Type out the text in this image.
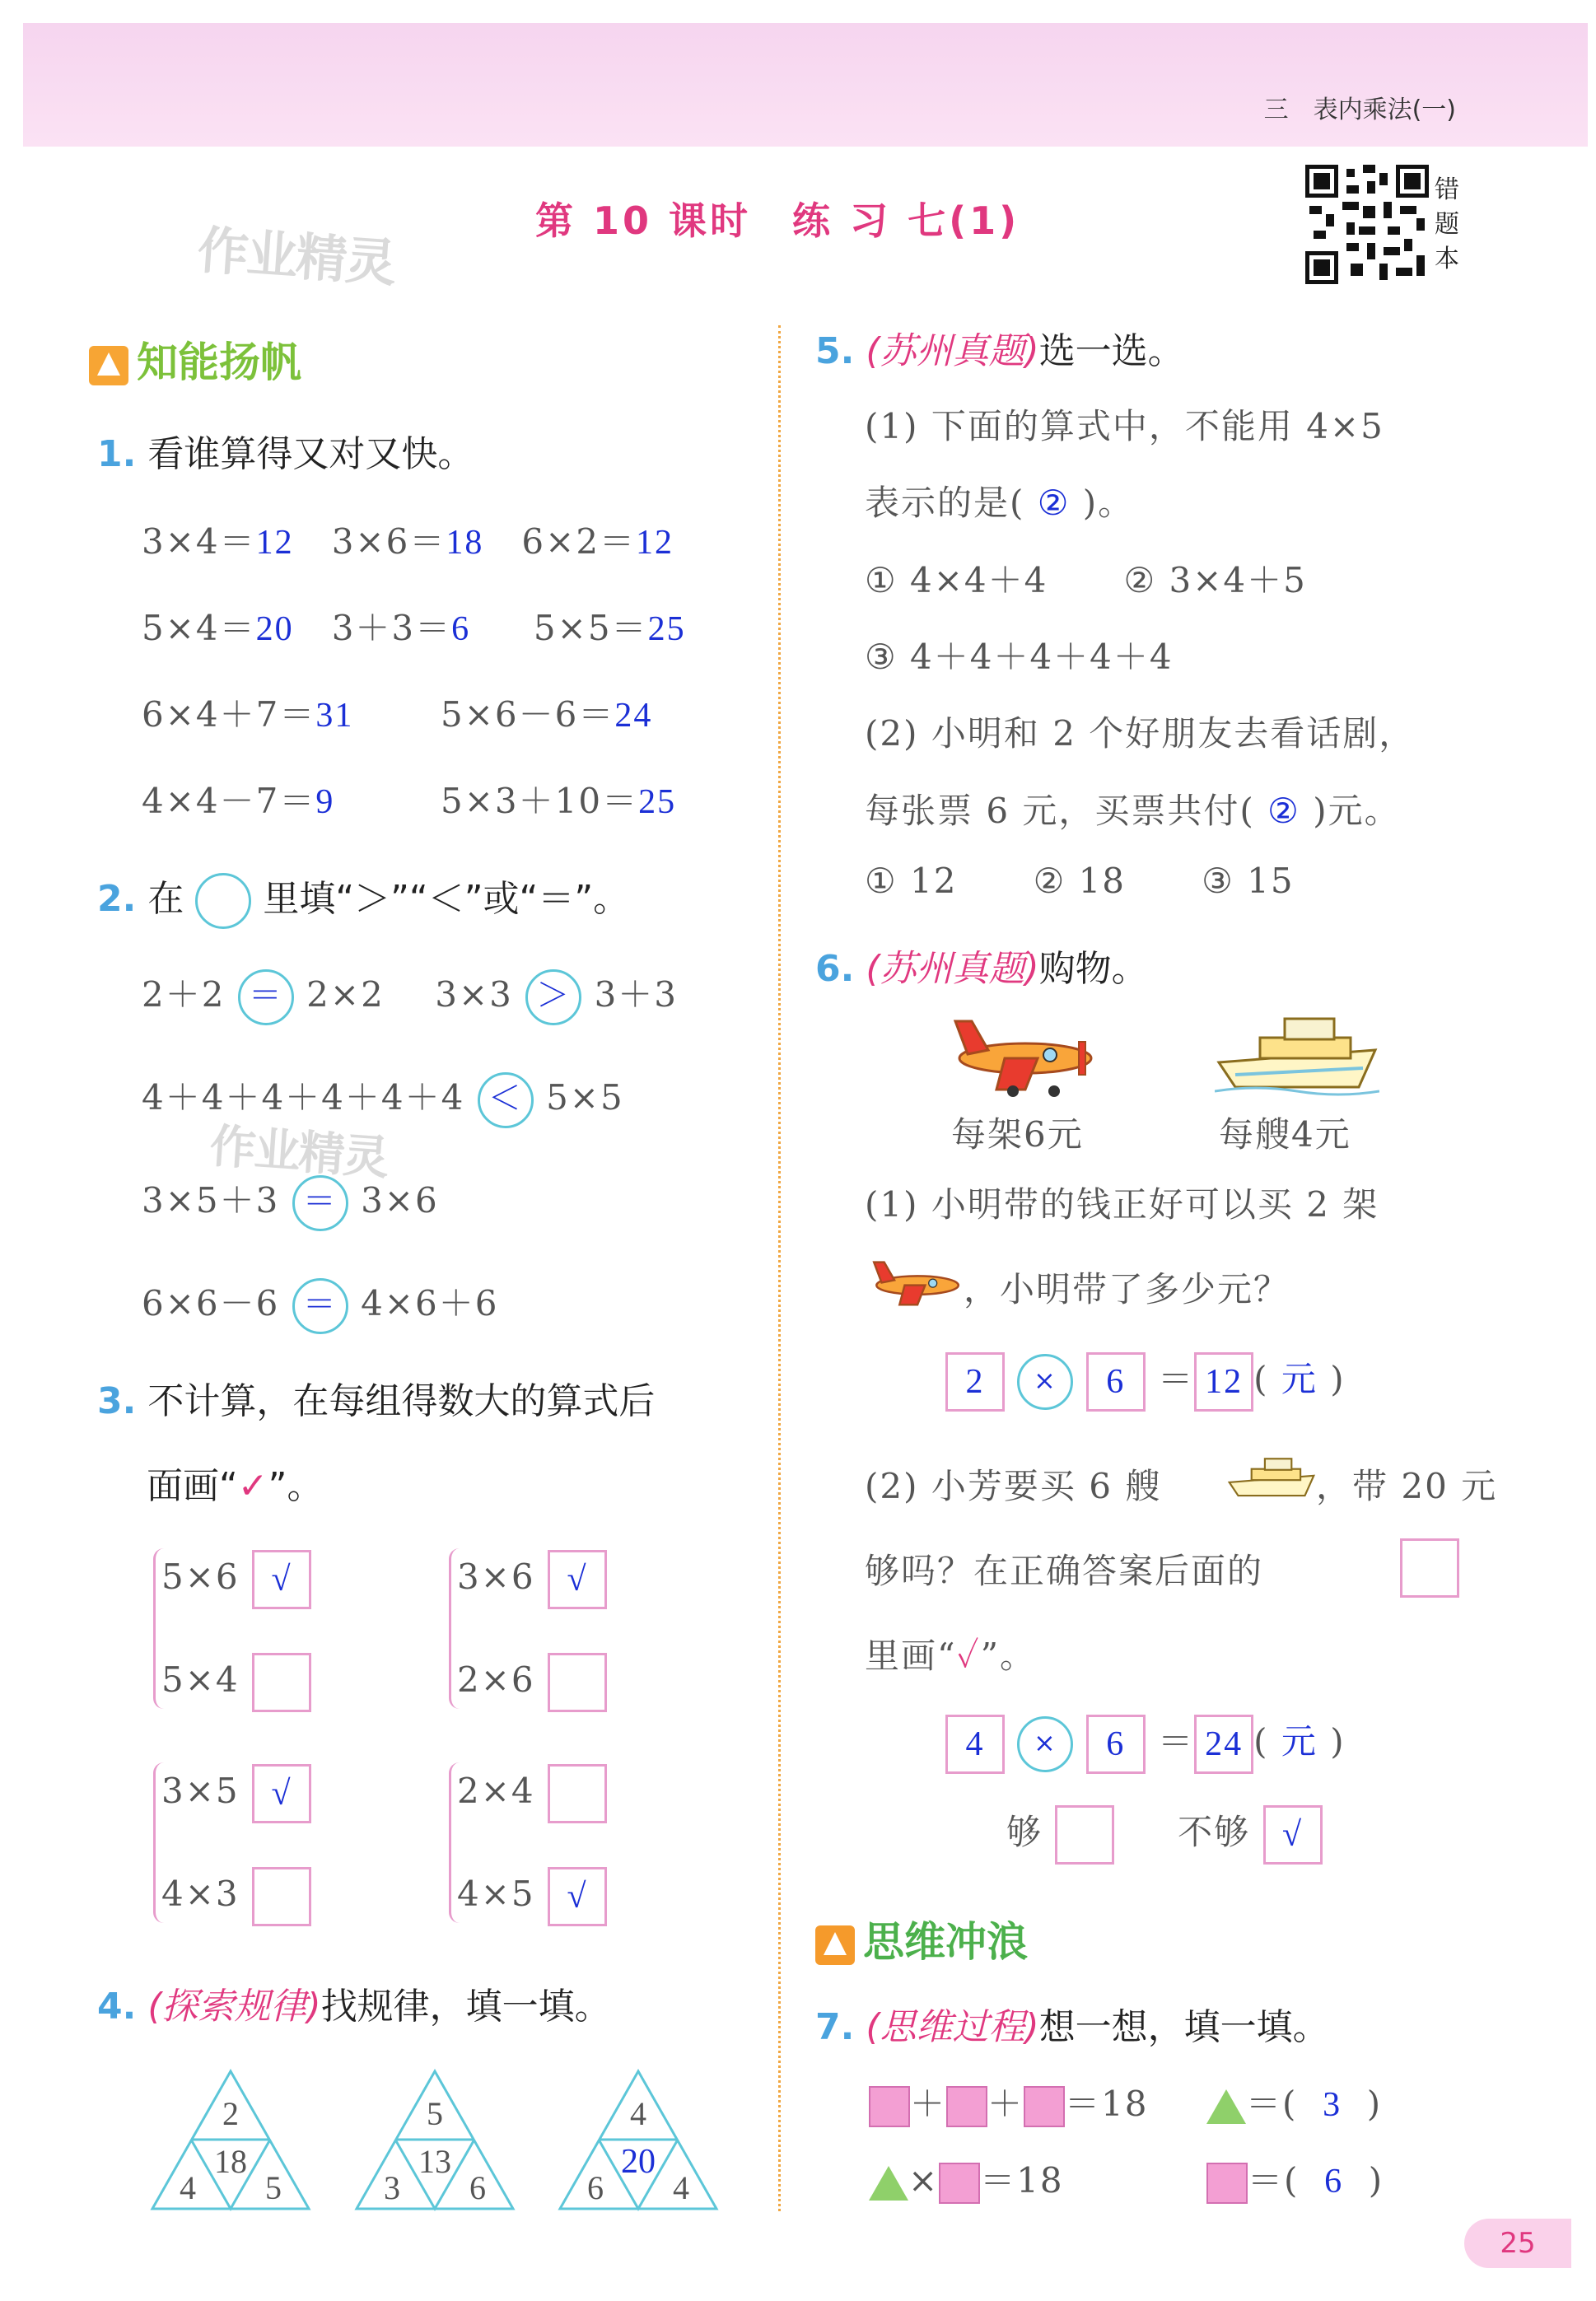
三　表内乘法(一)
作业精灵
作业精灵
第 10 课时　练 习 七(1)
错
题
本
知能扬帆
1. 看谁算得又对又快。
3×4＝12 3×6＝18 6×2＝12
5×4＝20 3＋3＝6 5×5＝25
6×4＋7＝31	5×6－6＝24
4×4－7＝9	5×3＋10＝25
2. 在 里填“＞”“＜”或“＝”。
2＋2 ＝ 2×2 3×3 ＞ 3＋3
4＋4＋4＋4＋4＋4 ＜ 5×5
3×5＋3 ＝ 3×6
6×6－6 ＝ 4×6＋6
3. 不计算，在每组得数大的算式后
面画“✓”。
5×6 √
5×4
3×6 √
2×6
3×5 √
4×3
2×4
4×5 √
4. (探索规律)找规律，填一填。
2
4 5
18
5
3 6
13
4
6 4
20
5. (苏州真题)选一选。
(1) 下面的算式中，不能用 4×5
表示的是( ② )。
① 4×4＋4 ② 3×4＋5
③ 4＋4＋4＋4＋4
(2) 小明和 2 个好朋友去看话剧，
每张票 6 元，买票共付( ② )元。
① 12 ② 18 ③ 15
6. (苏州真题)购物。
每架6元	每艘4元
(1) 小明带的钱正好可以买 2 架
，小明带了多少元？
2 × 6 ＝ 12 ( 元 )
(2) 小芳要买 6 艘	，带 20 元
够吗？在正确答案后面的
里画“✓”。
4 × 6 ＝ 24 ( 元 )
够	不够 √
思维冲浪
7. (思维过程)想一想，填一填。
＋ ＋ ＝18	＝(  3  )
× ＝18	＝(  6  )
25
